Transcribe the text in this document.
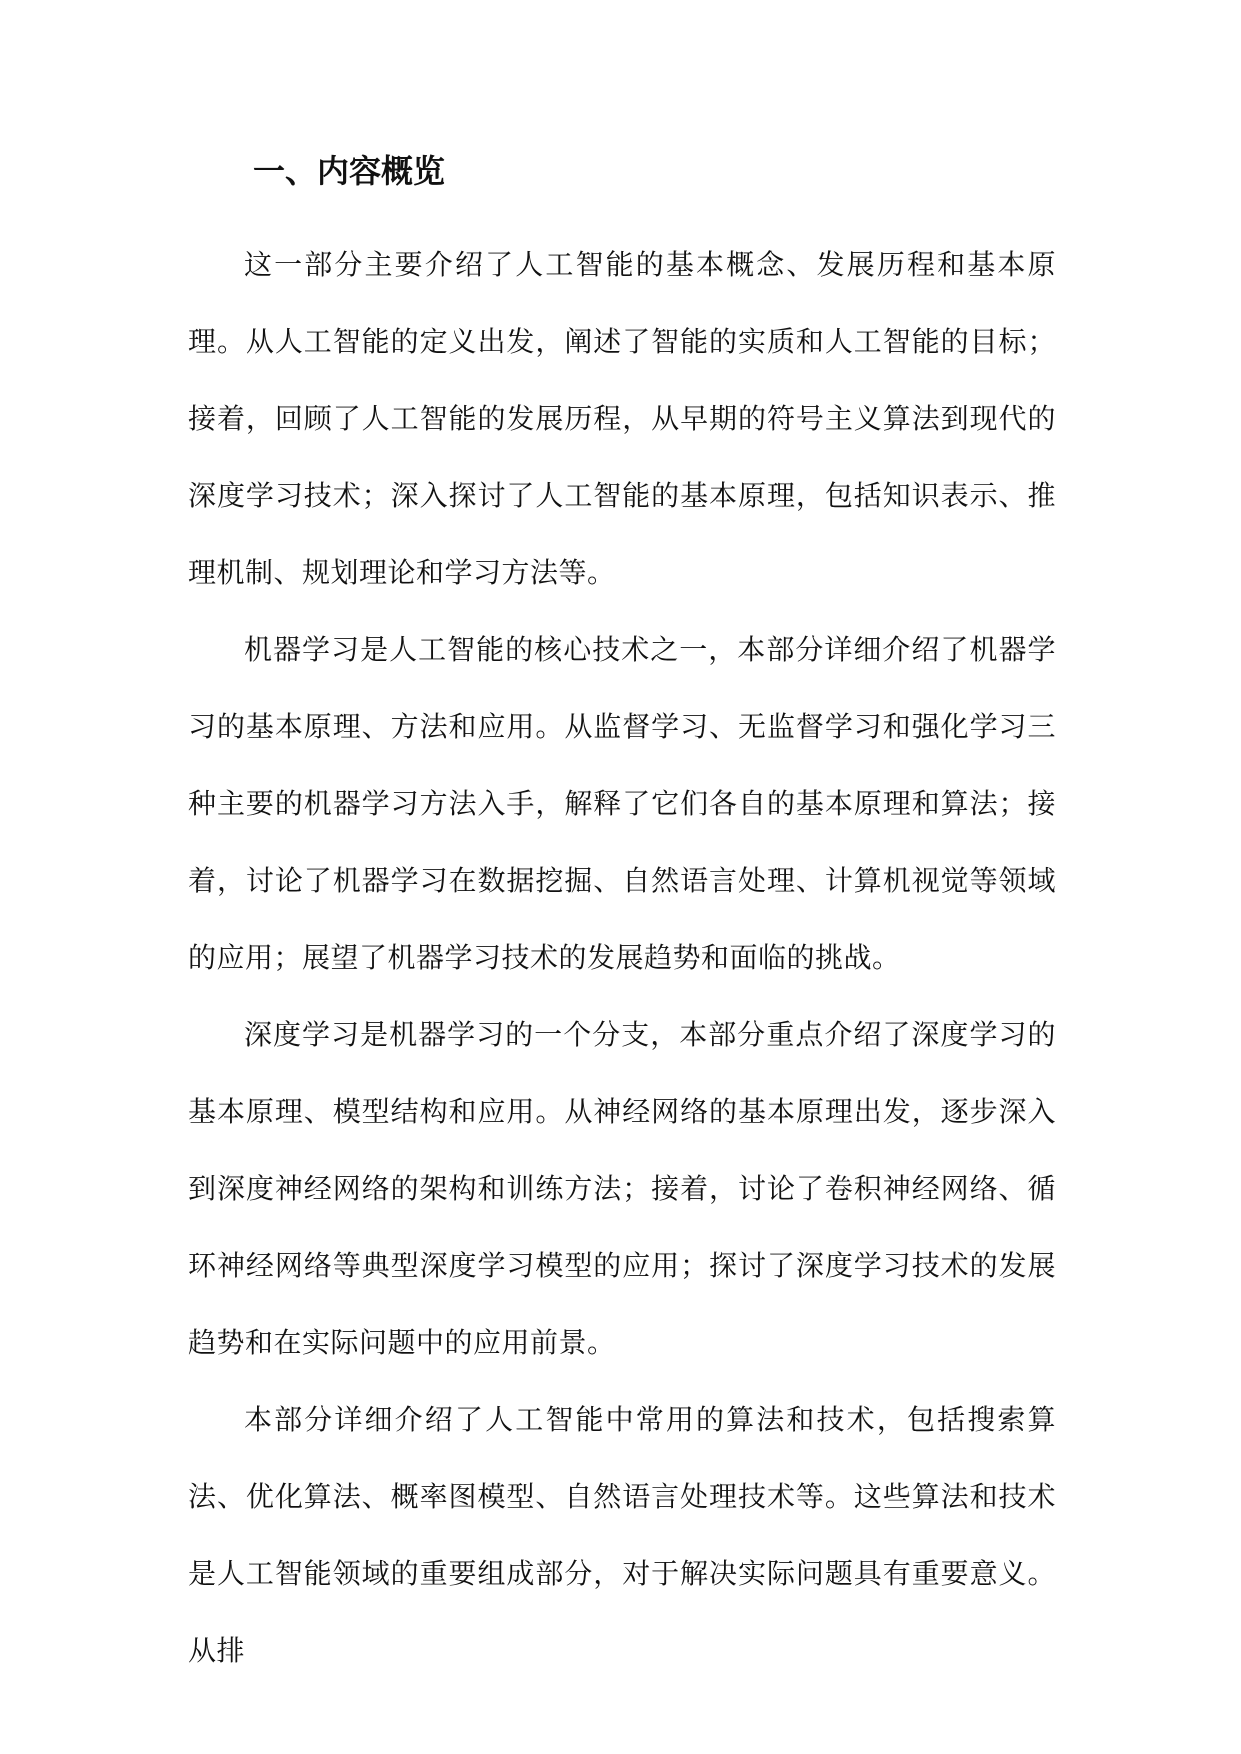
一、内容概览

这一部分主要介绍了人工智能的基本概念、发展历程和基本原理。从人工智能的定义出发，阐述了智能的实质和人工智能的目标；接着，回顾了人工智能的发展历程，从早期的符号主义算法到现代的深度学习技术；深入探讨了人工智能的基本原理，包括知识表示、推理机制、规划理论和学习方法等。

机器学习是人工智能的核心技术之一，本部分详细介绍了机器学习的基本原理、方法和应用。从监督学习、无监督学习和强化学习三种主要的机器学习方法入手，解释了它们各自的基本原理和算法；接着，讨论了机器学习在数据挖掘、自然语言处理、计算机视觉等领域的应用；展望了机器学习技术的发展趋势和面临的挑战。

深度学习是机器学习的一个分支，本部分重点介绍了深度学习的基本原理、模型结构和应用。从神经网络的基本原理出发，逐步深入到深度神经网络的架构和训练方法；接着，讨论了卷积神经网络、循环神经网络等典型深度学习模型的应用；探讨了深度学习技术的发展趋势和在实际问题中的应用前景。

本部分详细介绍了人工智能中常用的算法和技术，包括搜索算法、优化算法、概率图模型、自然语言处理技术等。这些算法和技术是人工智能领域的重要组成部分，对于解决实际问题具有重要意义。从排
